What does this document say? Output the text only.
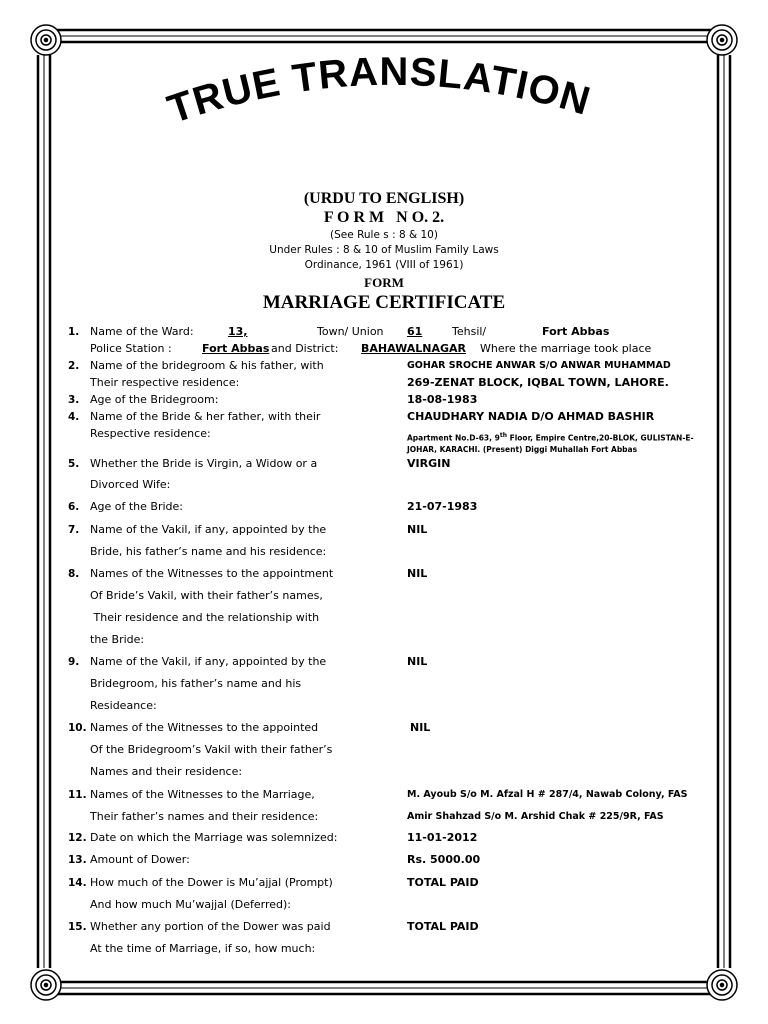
TRUE TRANSLATION
(URDU TO ENGLISH)
F O R M   N O. 2.
(See Rule s : 8 & 10)
Under Rules : 8 & 10 of Muslim Family Laws
Ordinance, 1961 (VIII of 1961)
FORM
MARRIAGE CERTIFICATE
1. Name of the Ward:	13,	Town/ Union 61	Tehsil/	Fort Abbas
Police Station :	Fort Abbas and District: BAHAWALNAGAR Where the marriage took place
2. Name of the bridegroom & his father, with
Their respective residence:
GOHAR SROCHE ANWAR S/O ANWAR MUHAMMAD
269-ZENAT BLOCK, IQBAL TOWN, LAHORE.
3. Age of the Bridegroom:	18-08-1983
4. Name of the Bride & her father, with their
Respective residence:
CHAUDHARY NADIA D/O AHMAD BASHIR
Apartment No.D-63, 9th Floor, Empire Centre,20-BLOK, GULISTAN-E-
JOHAR, KARACHI. (Present) Diggi Muhallah Fort Abbas
5. Whether the Bride is Virgin, a Widow or a
Divorced Wife:
VIRGIN
6. Age of the Bride:	21-07-1983
7. Name of the Vakil, if any, appointed by the
Bride, his father’s name and his residence:
NIL
8. Names of the Witnesses to the appointment
Of Bride’s Vakil, with their father’s names,
Their residence and the relationship with
the Bride:
NIL
9. Name of the Vakil, if any, appointed by the
Bridegroom, his father’s name and his
Resideance:
NIL
10. Names of the Witnesses to the appointed
Of the Bridegroom’s Vakil with their father’s
Names and their residence:
NIL
11. Names of the Witnesses to the Marriage,
Their father’s names and their residence:
M. Ayoub S/o M. Afzal H # 287/4, Nawab Colony, FAS
Amir Shahzad S/o M. Arshid Chak # 225/9R, FAS
12. Date on which the Marriage was solemnized:	11-01-2012
13. Amount of Dower:	Rs. 5000.00
14. How much of the Dower is Mu’ajjal (Prompt)
And how much Mu’wajjal (Deferred):
TOTAL PAID
15. Whether any portion of the Dower was paid
At the time of Marriage, if so, how much:
TOTAL PAID
